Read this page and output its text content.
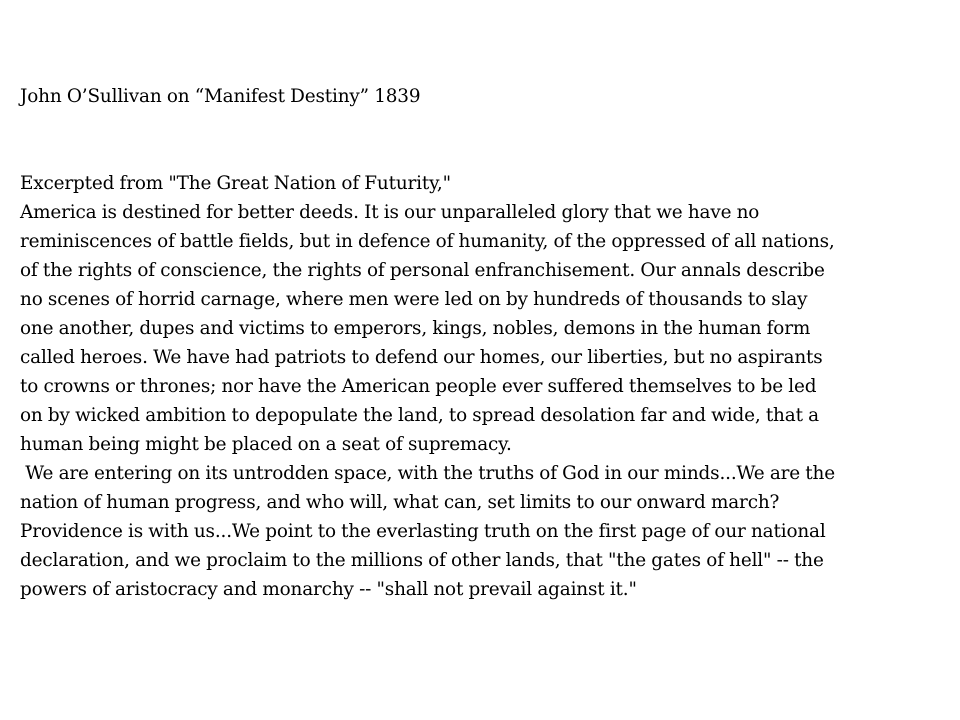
John O’Sullivan on “Manifest Destiny” 1839
Excerpted from "The Great Nation of Futurity,"
America is destined for better deeds. It is our unparalleled glory that we have no
reminiscences of battle fields, but in defence of humanity, of the oppressed of all nations,
of the rights of conscience, the rights of personal enfranchisement. Our annals describe
no scenes of horrid carnage, where men were led on by hundreds of thousands to slay
one another, dupes and victims to emperors, kings, nobles, demons in the human form
called heroes. We have had patriots to defend our homes, our liberties, but no aspirants
to crowns or thrones; nor have the American people ever suffered themselves to be led
on by wicked ambition to depopulate the land, to spread desolation far and wide, that a
human being might be placed on a seat of supremacy.
We are entering on its untrodden space, with the truths of God in our minds...We are the
nation of human progress, and who will, what can, set limits to our onward march?
Providence is with us...We point to the everlasting truth on the first page of our national
declaration, and we proclaim to the millions of other lands, that "the gates of hell" -- the
powers of aristocracy and monarchy -- "shall not prevail against it."
